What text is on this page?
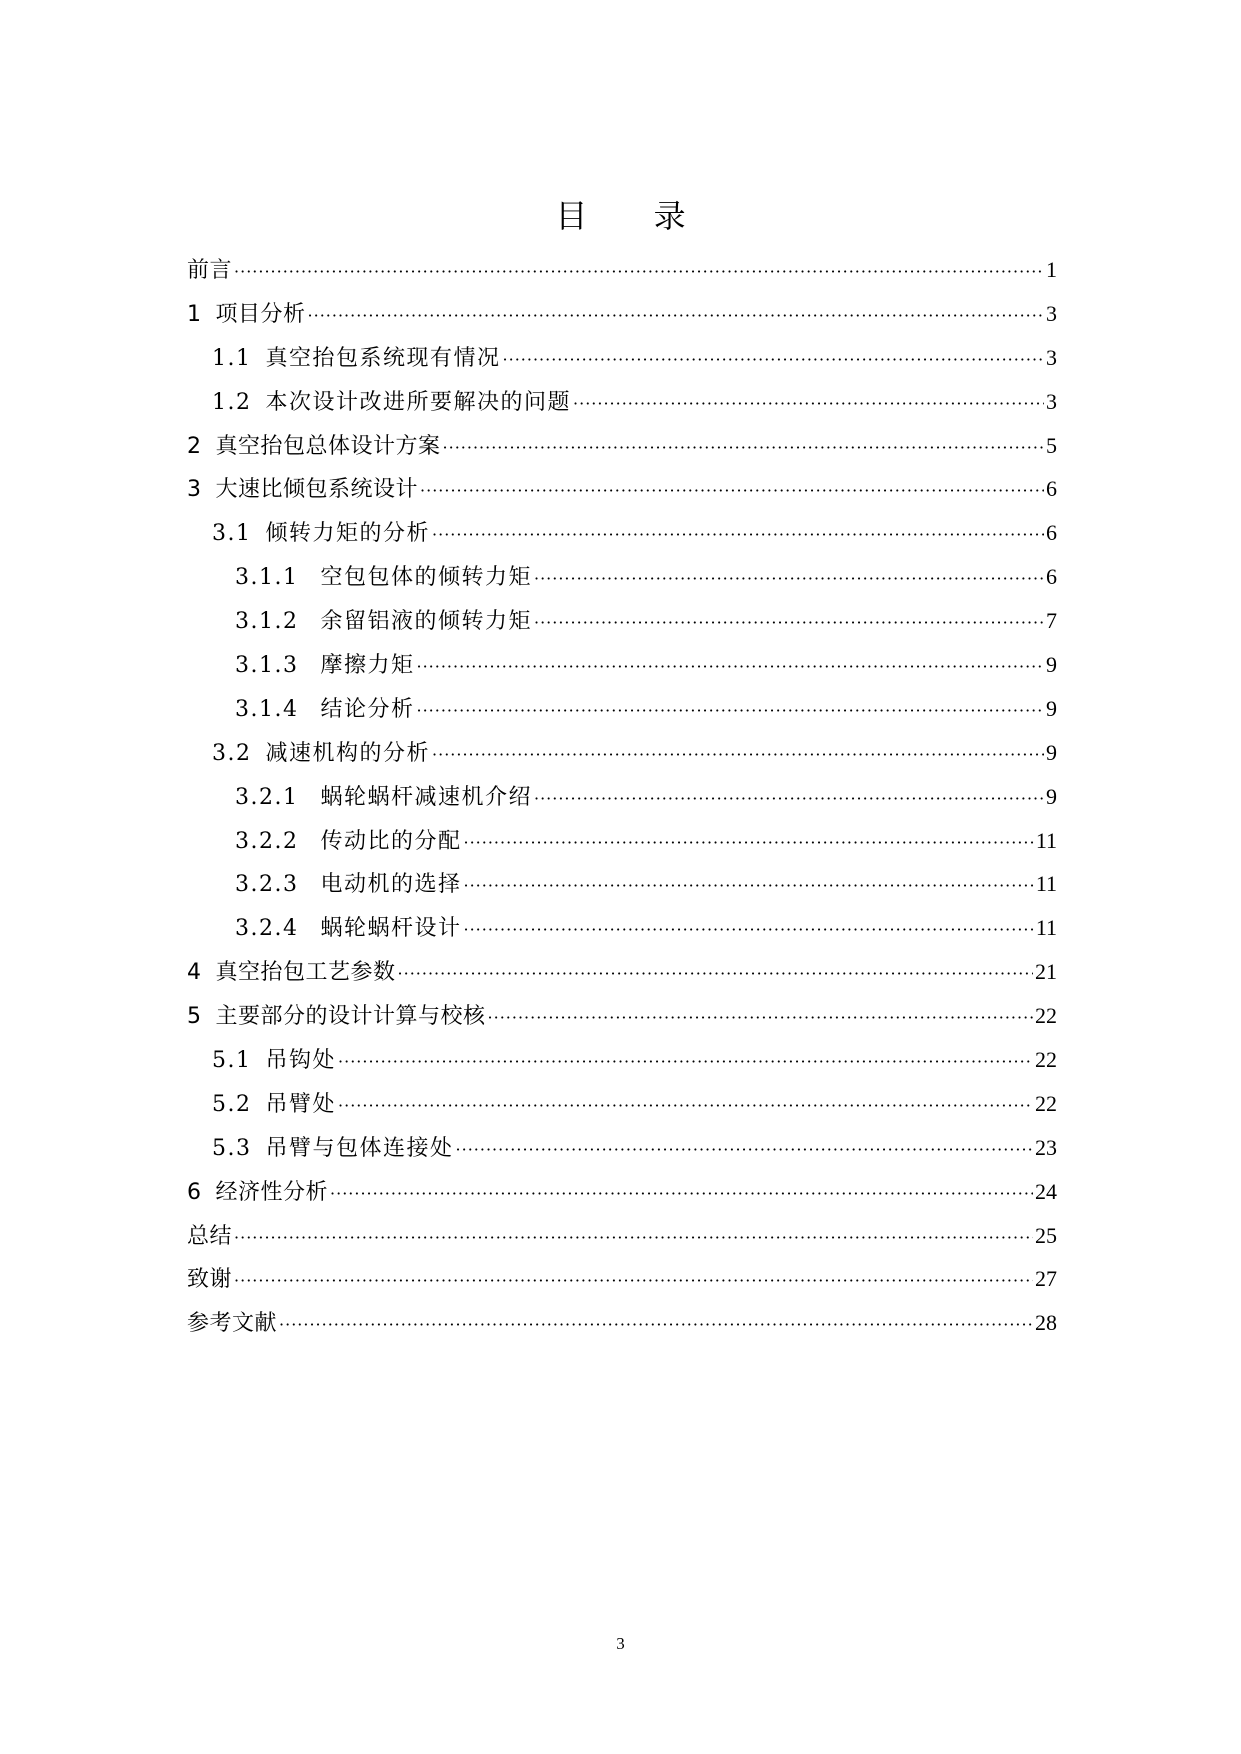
目 录
前言 ·····	1
1 项目分析 ·····	3
1.1 真空抬包系统现有情况 ·····	3
1.2 本次设计改进所要解决的问题 ·····	3
2 真空抬包总体设计方案 ·····	5
3 大速比倾包系统设计 ·····	6
3.1 倾转力矩的分析 ·····	6
3.1.1 空包包体的倾转力矩 ·····	6
3.1.2 余留铝液的倾转力矩 ·····	7
3.1.3 摩擦力矩 ·····	9
3.1.4 结论分析 ·····	9
3.2 减速机构的分析 ·····	9
3.2.1 蜗轮蜗杆减速机介绍 ·····	9
3.2.2 传动比的分配 ·····	11
3.2.3 电动机的选择 ·····	11
3.2.4 蜗轮蜗杆设计 ·····	11
4 真空抬包工艺参数 ·····	21
5 主要部分的设计计算与校核 ·····	22
5.1 吊钩处 ·····	22
5.2 吊臂处 ·····	22
5.3 吊臂与包体连接处 ·····	23
6 经济性分析 ·····	24
总结 ·····	25
致谢 ·····	27
参考文献 ·····	28
3
